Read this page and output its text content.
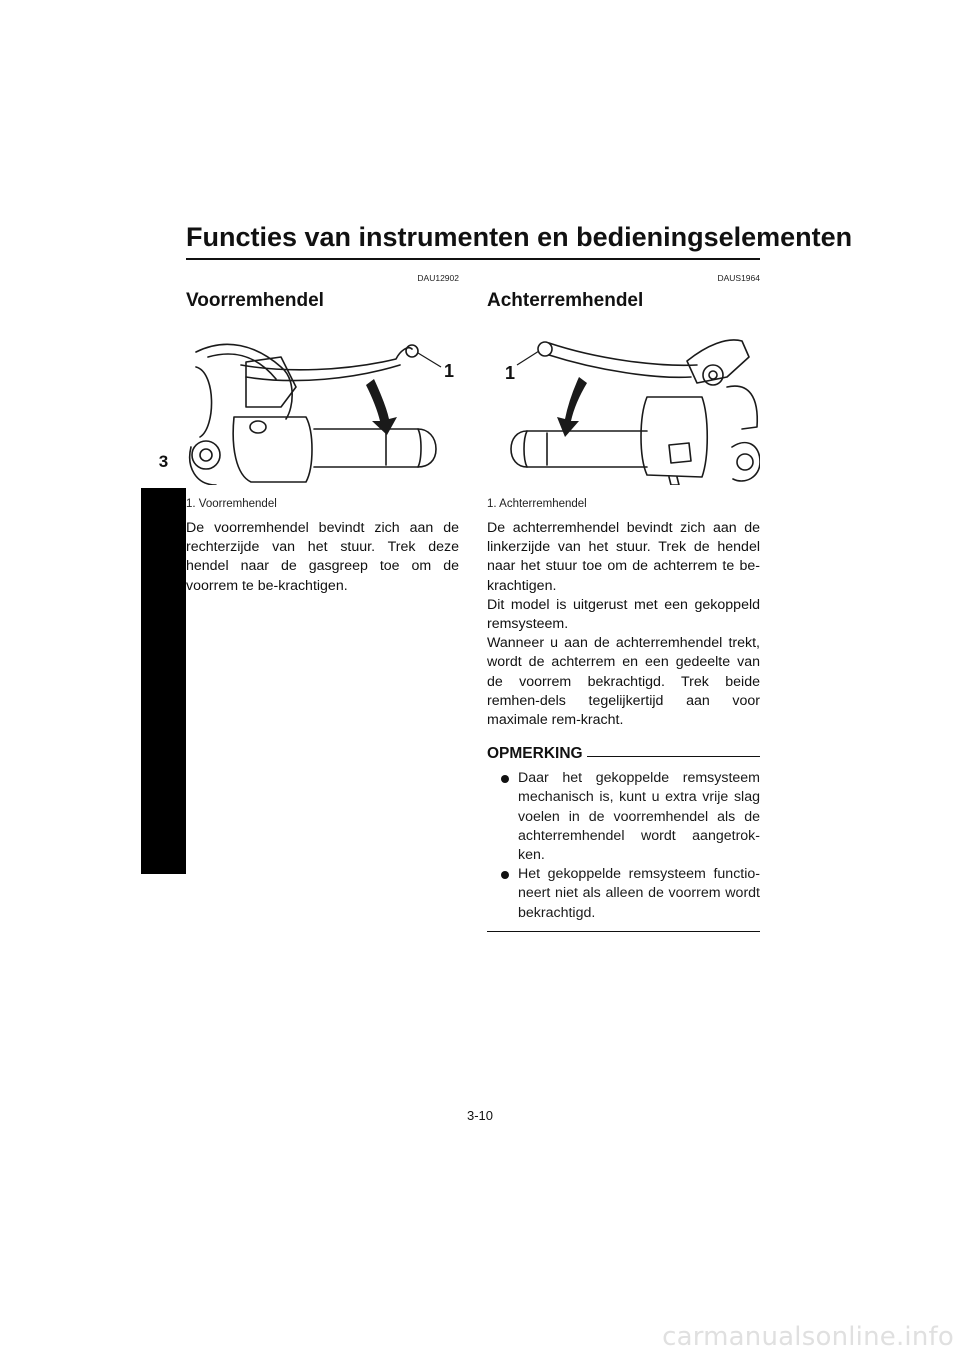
Functies van instrumenten en bedieningselementen
3
DAU12902
Voorremhendel
1
1. Voorremhendel

De voorremhendel bevindt zich aan de rechterzijde van het stuur. Trek deze hendel naar de gasgreep toe om de voorrem te be-krachtigen.

DAUS1964
Achterremhendel
1
1. Achterremhendel

De achterremhendel bevindt zich aan de linkerzijde van het stuur. Trek de hendel naar het stuur toe om de achterrem te be-krachtigen.

Dit model is uitgerust met een gekoppeld remsysteem.

Wanneer u aan de achterremhendel trekt, wordt de achterrem en een gedeelte van de voorrem bekrachtigd. Trek beide remhen-dels tegelijkertijd aan voor maximale rem-kracht.

OPMERKING
Daar het gekoppelde remsysteem mechanisch is, kunt u extra vrije slag voelen in de voorremhendel als de achterremhendel wordt aangetrok-ken.
Het gekoppelde remsysteem functio-neert niet als alleen de voorrem wordt bekrachtigd.
3-10
carmanualsonline.info
